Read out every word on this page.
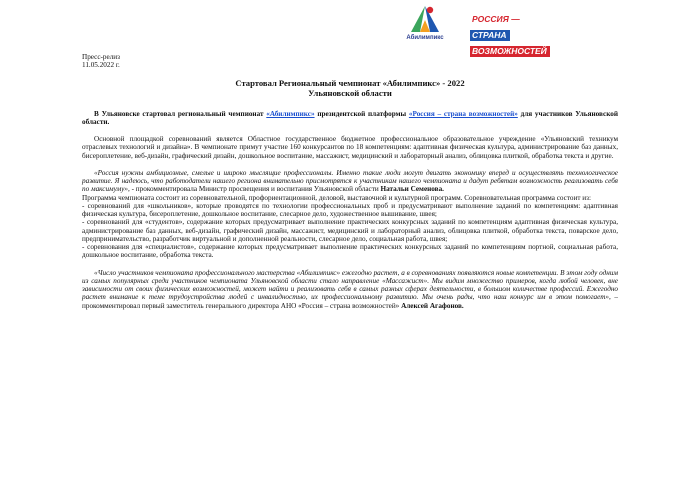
Абилимпикс
РОССИЯ —
СТРАНА
ВОЗМОЖНОСТЕЙ

Пресс-релиз

11.05.2022 г.

Стартовал Региональный чемпионат «Абилимпикс» - 2022
Ульяновской области

В Ульяновске стартовал региональный чемпионат «Абилимпикс» президентской платформы «Россия – страна возможностей» для участников Ульяновской области.

Основной площадкой соревнований является Областное государственное бюджетное профессиональное образовательное учреждение «Ульяновский техникум отраслевых технологий и дизайна». В чемпионате примут участие 160 конкурсантов по 18 компетенциям: адаптивная физическая культура, администрирование баз данных, бисероплетение, веб-дизайн, графический дизайн, дошкольное воспитание, массажист, медицинский и лабораторный анализ, облицовка плиткой, обработка текста и другие.

«Россия нужны амбициозные, смелые и широко мыслящие профессионалы. Именно такие люди могут двигать экономику вперед и осуществлять технологическое развитие. Я надеюсь, что работодатели нашего региона внимательно присмотрятся к участникам нашего чемпионата и дадут ребятам возможность реализовать себя по максимуму», - прокомментировала Министр просвещения и воспитания Ульяновской области Натальи Семенова.

Программа чемпионата состоит из соревновательной, профориентационной, деловой, выставочной и культурной программ. Соревновательная программа состоит из:

- соревнований для «школьников», которые проводятся по технологии профессиональных проб и предусматривают выполнение заданий по компетенциям: адаптивная физическая культура, бисероплетение, дошкольное воспитание, слесарное дело, художественное вышивание, швея;

- соревнований для «студентов», содержание которых предусматривает выполнение практических конкурсных заданий по компетенциям адаптивная физическая культура, администрирование баз данных, веб-дизайн, графический дизайн, массажист, медицинский и лабораторный анализ, облицовка плиткой, обработка текста, поварское дело, предпринимательство, разработчик виртуальной и дополненной реальности, слесарное дело, социальная работа, швея;

- соревнования для «специалистов», содержание которых предусматривает выполнение практических конкурсных заданий по компетенциям портной, социальная работа, дошкольное воспитание, обработка текста.

«Число участников чемпионата профессионального мастерства «Абилимпикс» ежегодно растет, а в соревнованиях появляются новые компетенции. В этом году одним из самых популярных среди участников чемпионата Ульяновской области стало направление «Массажист». Мы видим множество примеров, когда любой человек, вне зависимости от своих физических возможностей, может найти и реализовать себя в самых разных сферах деятельности, в большом количестве профессий. Ежегодно растет внимание к теме трудоустройства людей с инвалидностью, их профессиональному развитию. Мы очень рады, что наш конкурс им в этом помогает», – прокомментировал первый заместитель генерального директора АНО «Россия – страна возможностей» Алексей Агафонов.
